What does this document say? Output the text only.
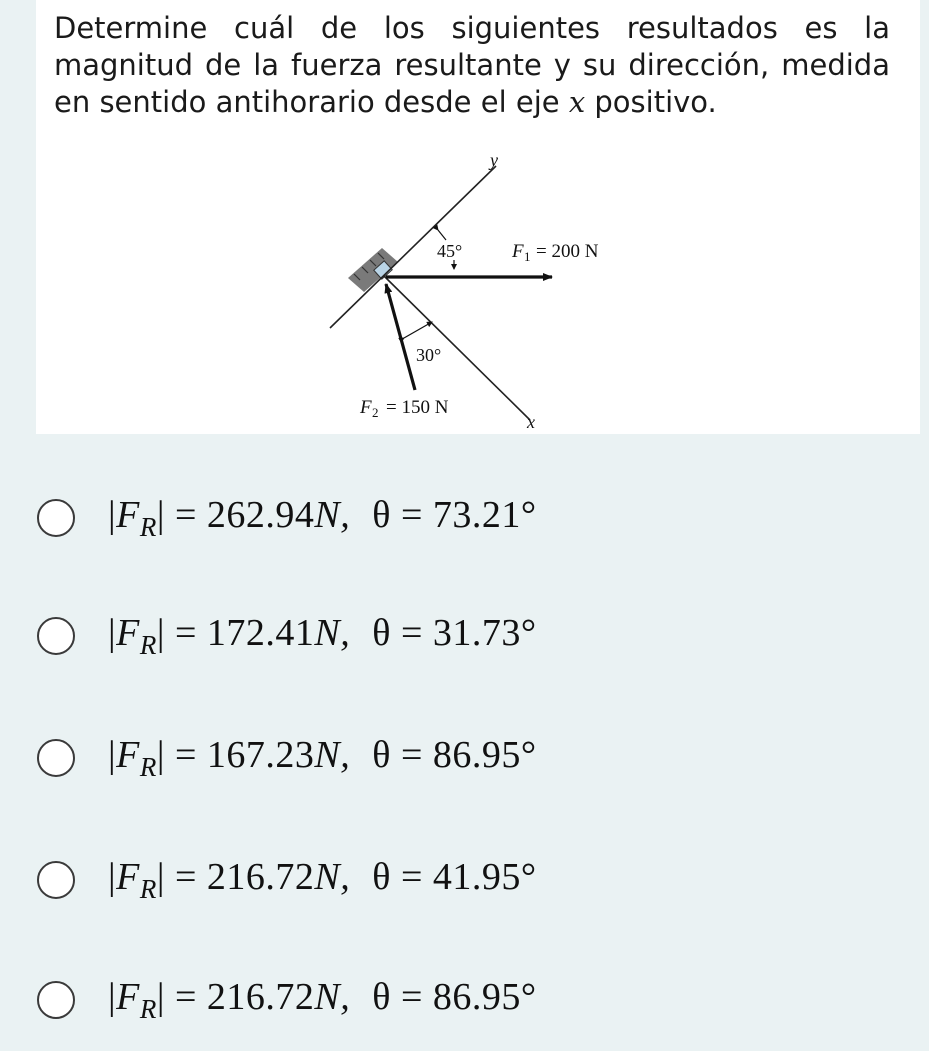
Determine cuál de los siguientes resultados es la magnitud de la fuerza resultante y su dirección, medida en sentido antihorario desde el eje x positivo.

y
x
45°
30°
F 1 = 200 N
F 2 = 150 N
$|F_R| = 262.94N$, θ = 73.21°
$|F_R| = 172.41N$, θ = 31.73°
$|F_R| = 167.23N$, θ = 86.95°
$|F_R| = 216.72N$, θ = 41.95°
$|F_R| = 216.72N$, θ = 86.95°
